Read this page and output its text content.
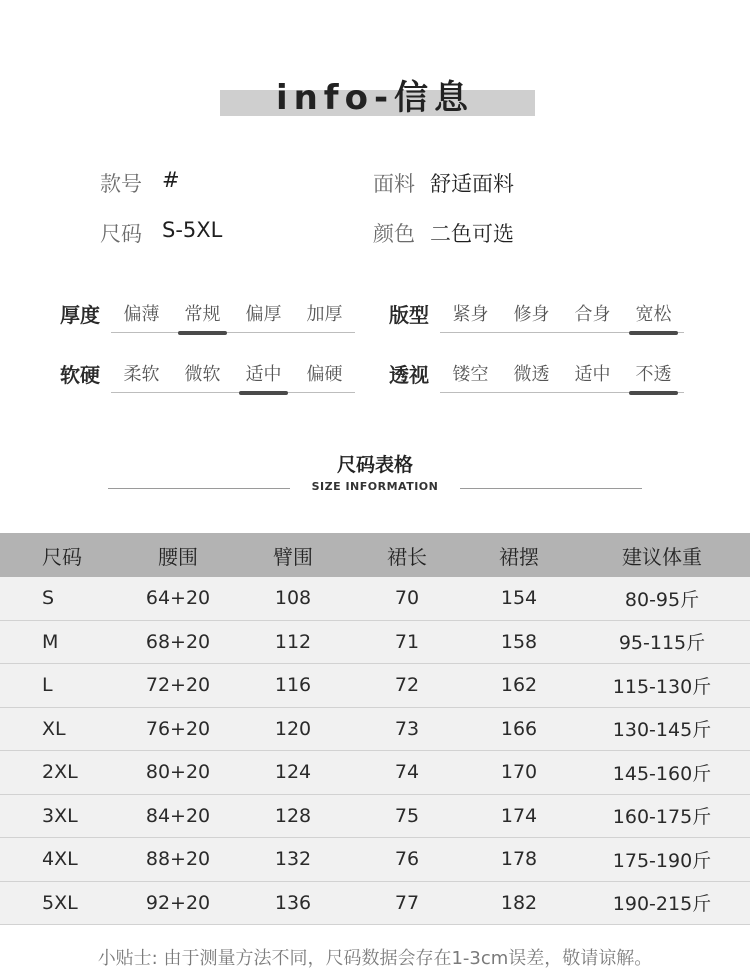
info-信息
款号 #	面料 舒适面料
尺码 S-5XL	颜色 二色可选
厚度	偏薄	常规	偏厚	加厚	版型	紧身	修身	合身	宽松
软硬	柔软	微软	适中	偏硬	透视	镂空	微透	适中	不透
尺码表格
SIZE INFORMATION
尺码	腰围	臂围	裙长	裙摆	建议体重
S	64+20	108	70	154	80-95斤
M	68+20	112	71	158	95-115斤
L	72+20	116	72	162	115-130斤
XL	76+20	120	73	166	130-145斤
2XL	80+20	124	74	170	145-160斤
3XL	84+20	128	75	174	160-175斤
4XL	88+20	132	76	178	175-190斤
5XL	92+20	136	77	182	190-215斤
小贴士: 由于测量方法不同，尺码数据会存在1-3cm误差，敬请谅解。
